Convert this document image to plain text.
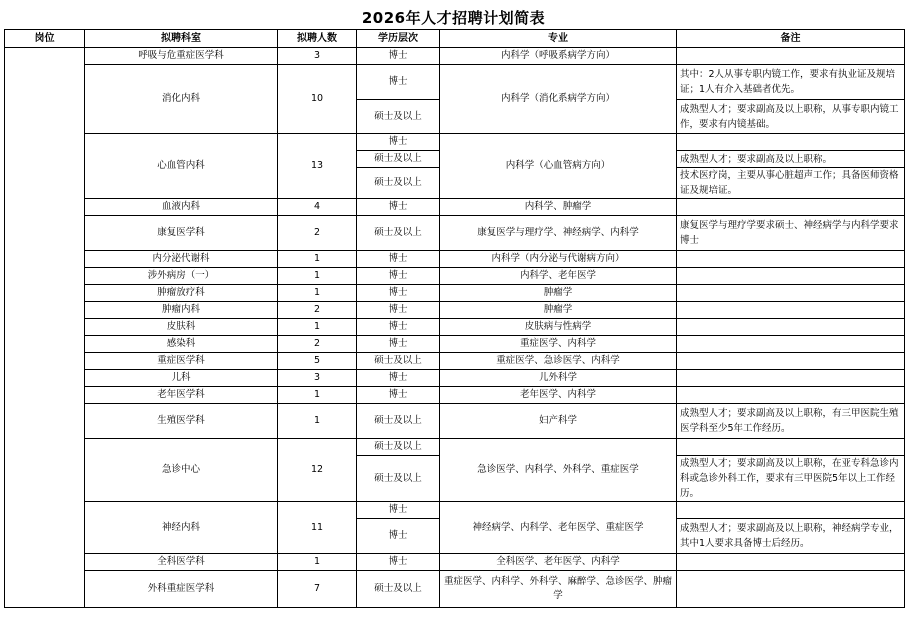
2026年人才招聘计划简表
岗位	拟聘科室	拟聘人数	学历层次	专业	备注
	呼吸与危重症医学科	3	博士	内科学（呼吸系病学方向）	
	消化内科	10	博士	内科学（消化系病学方向）	其中：2人从事专职内镜工作，要求有执业证及规培证；1人有介入基础者优先。
			硕士及以上		成熟型人才；要求副高及以上职称，从事专职内镜工作，要求有内镜基础。
	心血管内科	13	博士	内科学（心血管病方向）	
			硕士及以上		成熟型人才；要求副高及以上职称。
			硕士及以上		技术医疗岗，主要从事心脏超声工作；具备医师资格证及规培证。
	血液内科	4	博士	内科学、肿瘤学	
	康复医学科	2	硕士及以上	康复医学与理疗学、神经病学、内科学	康复医学与理疗学要求硕士、神经病学与内科学要求博士
	内分泌代谢科	1	博士	内科学（内分泌与代谢病方向）	
	涉外病房（一）	1	博士	内科学、老年医学	
	肿瘤放疗科	1	博士	肿瘤学	
	肿瘤内科	2	博士	肿瘤学	
	皮肤科	1	博士	皮肤病与性病学	
	感染科	2	博士	重症医学、内科学	
	重症医学科	5	硕士及以上	重症医学、急诊医学、内科学	
	儿科	3	博士	儿外科学	
	老年医学科	1	博士	老年医学、内科学	
	生殖医学科	1	硕士及以上	妇产科学	成熟型人才；要求副高及以上职称，有三甲医院生殖医学科至少5年工作经历。
	急诊中心	12	硕士及以上	急诊医学、内科学、外科学、重症医学	
			硕士及以上		成熟型人才；要求副高及以上职称，在亚专科急诊内科或急诊外科工作，要求有三甲医院5年以上工作经历。
	神经内科	11	博士	神经病学、内科学、老年医学、重症医学	
			博士		成熟型人才；要求副高及以上职称，神经病学专业，其中1人要求具备博士后经历。
	全科医学科	1	博士	全科医学、老年医学、内科学	
	外科重症医学科	7	硕士及以上	重症医学、内科学、外科学、麻醉学、急诊医学、肿瘤学	
